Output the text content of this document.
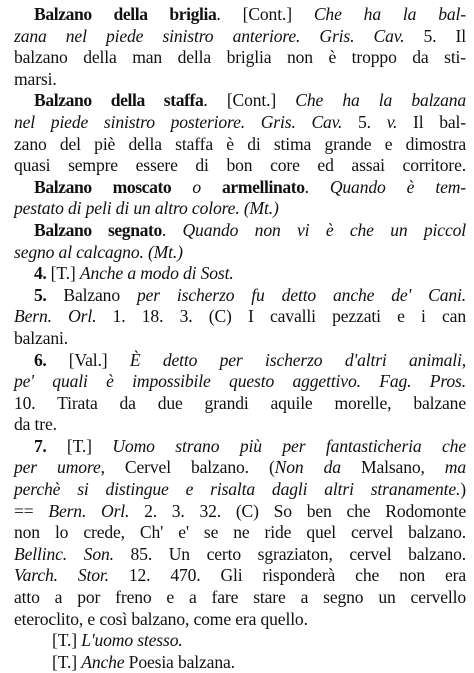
Balzano della briglia. [Cont.] Che ha la bal-
zana nel piede sinistro anteriore. Gris. Cav. 5. Il
balzano della man della briglia non è troppo da sti-
marsi.
Balzano della staffa. [Cont.] Che ha la balzana
nel piede sinistro posteriore. Gris. Cav. 5. v. Il bal-
zano del piè della staffa è di stima grande e dimostra
quasi sempre essere di bon core ed assai corritore.
Balzano moscato o armellinato. Quando è tem-
pestato di peli di un altro colore. (Mt.)
Balzano segnato. Quando non vi è che un piccol
segno al calcagno. (Mt.)
4. [T.] Anche a modo di Sost.
5. Balzano per ischerzo fu detto anche de' Cani.
Bern. Orl. 1. 18. 3. (C) I cavalli pezzati e i can
balzani.
6. [Val.] È detto per ischerzo d'altri animali,
pe' quali è impossibile questo aggettivo. Fag. Pros.
10. Tirata da due grandi aquile morelle, balzane
da tre.
7. [T.] Uomo strano più per fantasticheria che
per umore, Cervel balzano. (Non da Malsano, ma
perchè si distingue e risalta dagli altri stranamente.)
== Bern. Orl. 2. 3. 32. (C) So ben che Rodomonte
non lo crede, Ch' e' se ne ride quel cervel balzano.
Bellinc. Son. 85. Un certo sgraziaton, cervel balzano.
Varch. Stor. 12. 470. Gli risponderà che non era
atto a por freno e a fare stare a segno un cervello
eteroclito, e così balzano, come era quello.
[T.] L'uomo stesso.
[T.] Anche Poesia balzana.
